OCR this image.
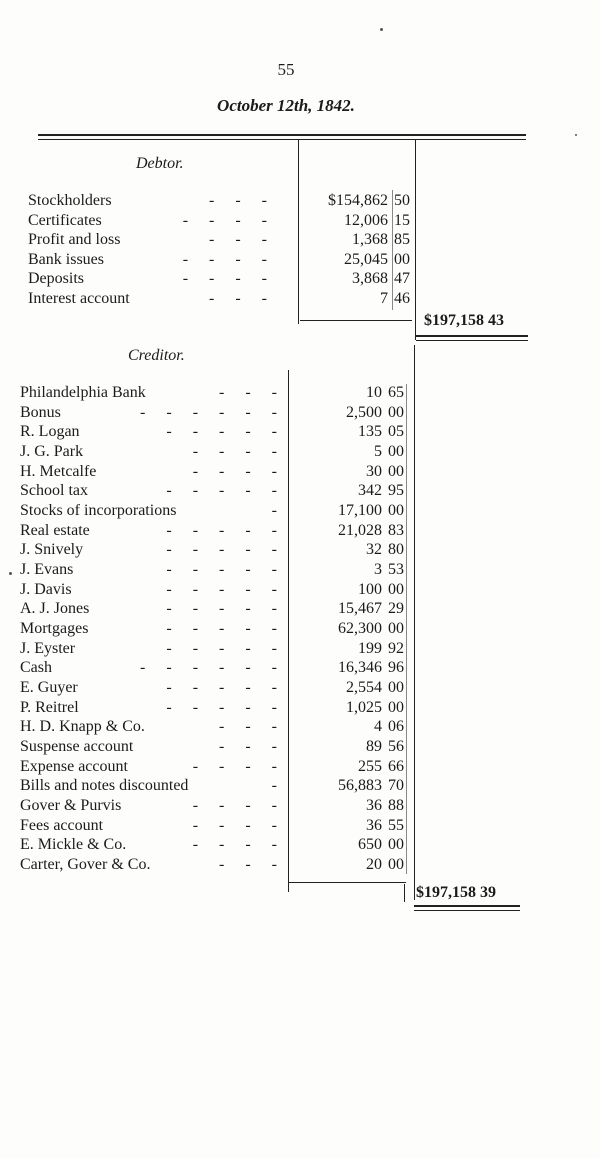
55
October 12th, 1842.
Debtor.
Stockholders	-    -    -	$154,862 50
Certificates	-    -    -    -	12,006 15
Profit and loss	-    -    -	1,368 85
Bank issues	-    -    -    -	25,045 00
Deposits	-    -    -    -	3,868 47
Interest account	-    -    -	7 46
$197,158 43
Creditor.
Philandelphia Bank	-    -    -	10 65
Bonus	-    -    -    -    -    -	2,500 00
R. Logan	-    -    -    -    -	135 05
J. G. Park	-    -    -    -	5 00
H. Metcalfe	-    -    -    -	30 00
School tax	-    -    -    -    -	342 95
Stocks of incorporations	-	17,100 00
Real estate	-    -    -    -    -	21,028 83
J. Snively	-    -    -    -    -	32 80
J. Evans	-    -    -    -    -	3 53
J. Davis	-    -    -    -    -	100 00
A. J. Jones	-    -    -    -    -	15,467 29
Mortgages	-    -    -    -    -	62,300 00
J. Eyster	-    -    -    -    -	199 92
Cash	-    -    -    -    -    -	16,346 96
E. Guyer	-    -    -    -    -	2,554 00
P. Reitrel	-    -    -    -    -	1,025 00
H. D. Knapp & Co.	-    -    -	4 06
Suspense account	-    -    -	89 56
Expense account	-    -    -    -	255 66
Bills and notes discounted	-	56,883 70
Gover & Purvis	-    -    -    -	36 88
Fees account	-    -    -    -	36 55
E. Mickle & Co.	-    -    -    -	650 00
Carter, Gover & Co.	-    -    -	20 00
$197,158 39
